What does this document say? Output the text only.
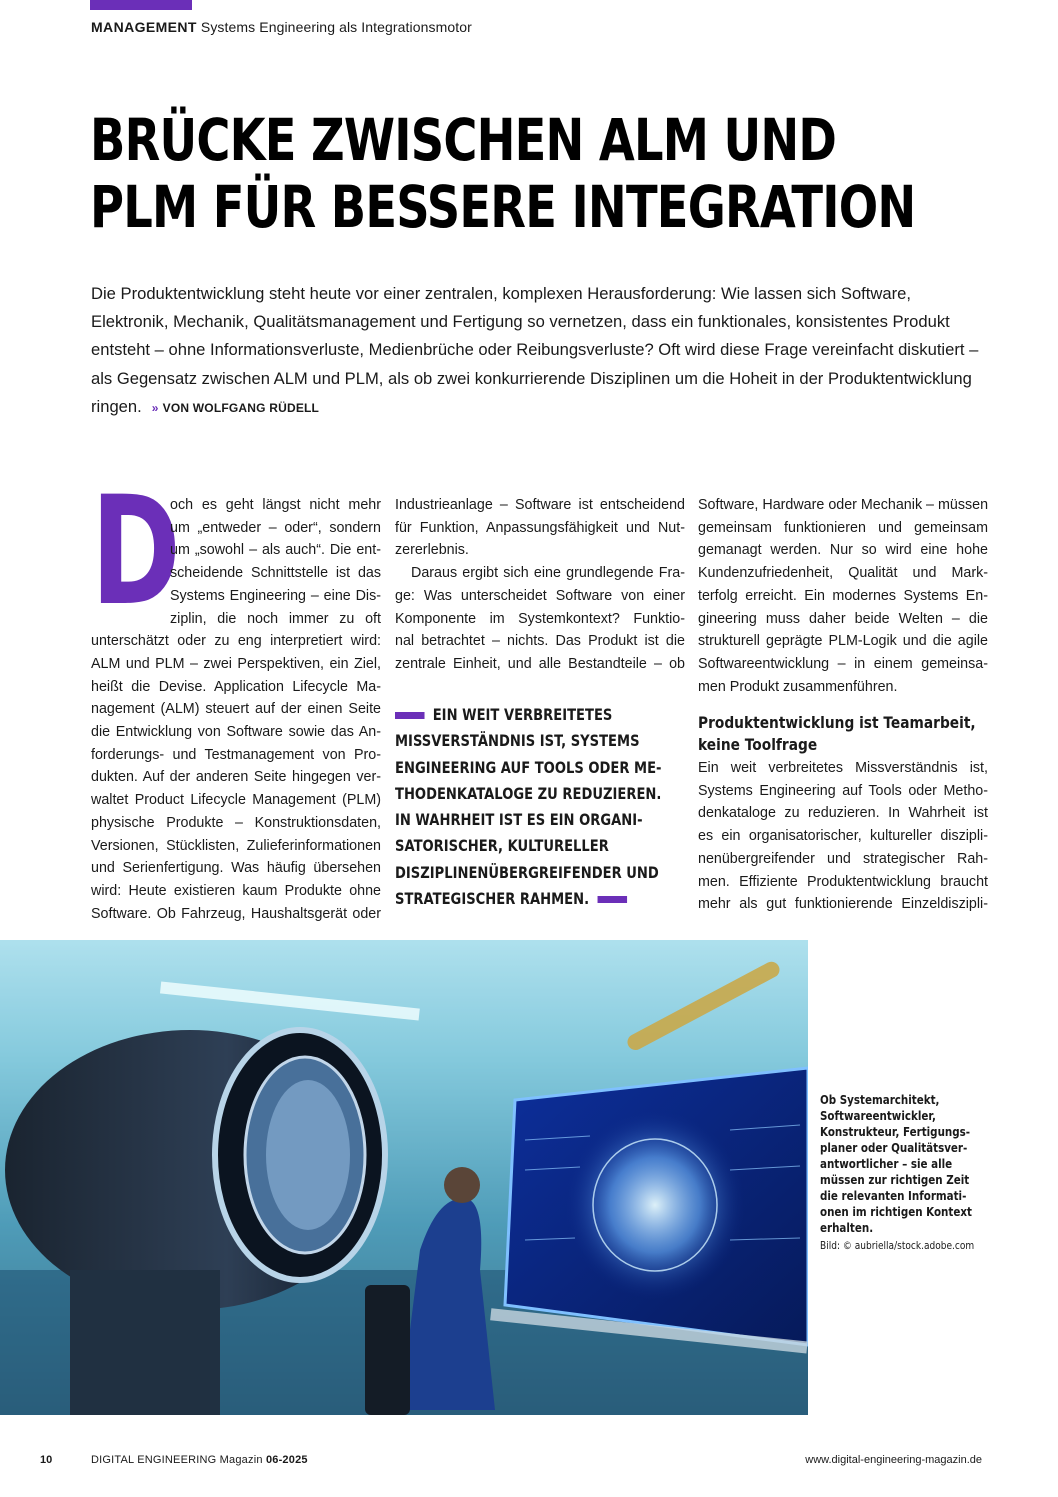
MANAGEMENT Systems Engineering als Integrationsmotor
BRÜCKE ZWISCHEN ALM UND
PLM FÜR BESSERE INTEGRATION
Die Produktentwicklung steht heute vor einer zentralen, komplexen Herausforderung: Wie lassen sich Software,
Elektronik, Mechanik, Qualitätsmanagement und Fertigung so vernetzen, dass ein funktionales, konsistentes Produkt
entsteht – ohne Informationsverluste, Medienbrüche oder Reibungsverluste? Oft wird diese Frage vereinfacht diskutiert –
als Gegensatz zwischen ALM und PLM, als ob zwei konkurrierende Disziplinen um die Hoheit in der Produktentwicklung
ringen. » VON WOLFGANG RÜDELL
D
och es geht längst nicht mehr
um „entweder – oder“, sondern
um „sowohl – als auch“. Die ent-
scheidende Schnittstelle ist das
Systems Engineering – eine Dis-
ziplin, die noch immer zu oft
unterschätzt oder zu eng interpretiert wird:
ALM und PLM – zwei Perspektiven, ein Ziel,
heißt die Devise. Application Lifecycle Ma-
nagement (ALM) steuert auf der einen Seite
die Entwicklung von Software sowie das An-
forderungs- und Testmanagement von Pro-
dukten. Auf der anderen Seite hingegen ver-
waltet Product Lifecycle Management (PLM)
physische Produkte – Konstruktionsdaten,
Versionen, Stücklisten, Zulieferinformationen
und Serienfertigung. Was häufig übersehen
wird: Heute existieren kaum Produkte ohne
Software. Ob Fahrzeug, Haushaltsgerät oder
Industrieanlage – Software ist entscheidend
für Funktion, Anpassungsfähigkeit und Nut-
zererlebnis.
Daraus ergibt sich eine grundlegende Fra-
ge: Was unterscheidet Software von einer
Komponente im Systemkontext? Funktio-
nal betrachtet – nichts. Das Produkt ist die
zentrale Einheit, und alle Bestandteile – ob
EIN WEIT VERBREITETES
MISSVERSTÄNDNIS IST, SYSTEMS
ENGINEERING AUF TOOLS ODER ME-
THODENKATALOGE ZU REDUZIEREN.
IN WAHRHEIT IST ES EIN ORGANI-
SATORISCHER, KULTURELLER
DISZIPLINENÜBERGREIFENDER UND
STRATEGISCHER RAHMEN.
Software, Hardware oder Mechanik – müssen
gemeinsam funktionieren und gemeinsam
gemanagt werden. Nur so wird eine hohe
Kundenzufriedenheit, Qualität und Mark-
terfolg erreicht. Ein modernes Systems En-
gineering muss daher beide Welten – die
strukturell geprägte PLM-Logik und die agile
Softwareentwicklung – in einem gemeinsa-
men Produkt zusammenführen.
Produktentwicklung ist Teamarbeit,
keine Toolfrage
Ein weit verbreitetes Missverständnis ist,
Systems Engineering auf Tools oder Metho-
denkataloge zu reduzieren. In Wahrheit ist
es ein organisatorischer, kultureller diszipli-
nenübergreifender und strategischer Rah-
men. Effiziente Produktentwicklung braucht
mehr als gut funktionierende Einzeldiszipli-
Ob Systemarchitekt,
Softwareentwickler,
Konstrukteur, Fertigungs-
planer oder Qualitätsver-
antwortlicher – sie alle
müssen zur richtigen Zeit
die relevanten Informati-
onen im richtigen Kontext
erhalten.
Bild: © aubriella/stock.adobe.com
10	DIGITAL ENGINEERING Magazin 06-2025	www.digital-engineering-magazin.de
